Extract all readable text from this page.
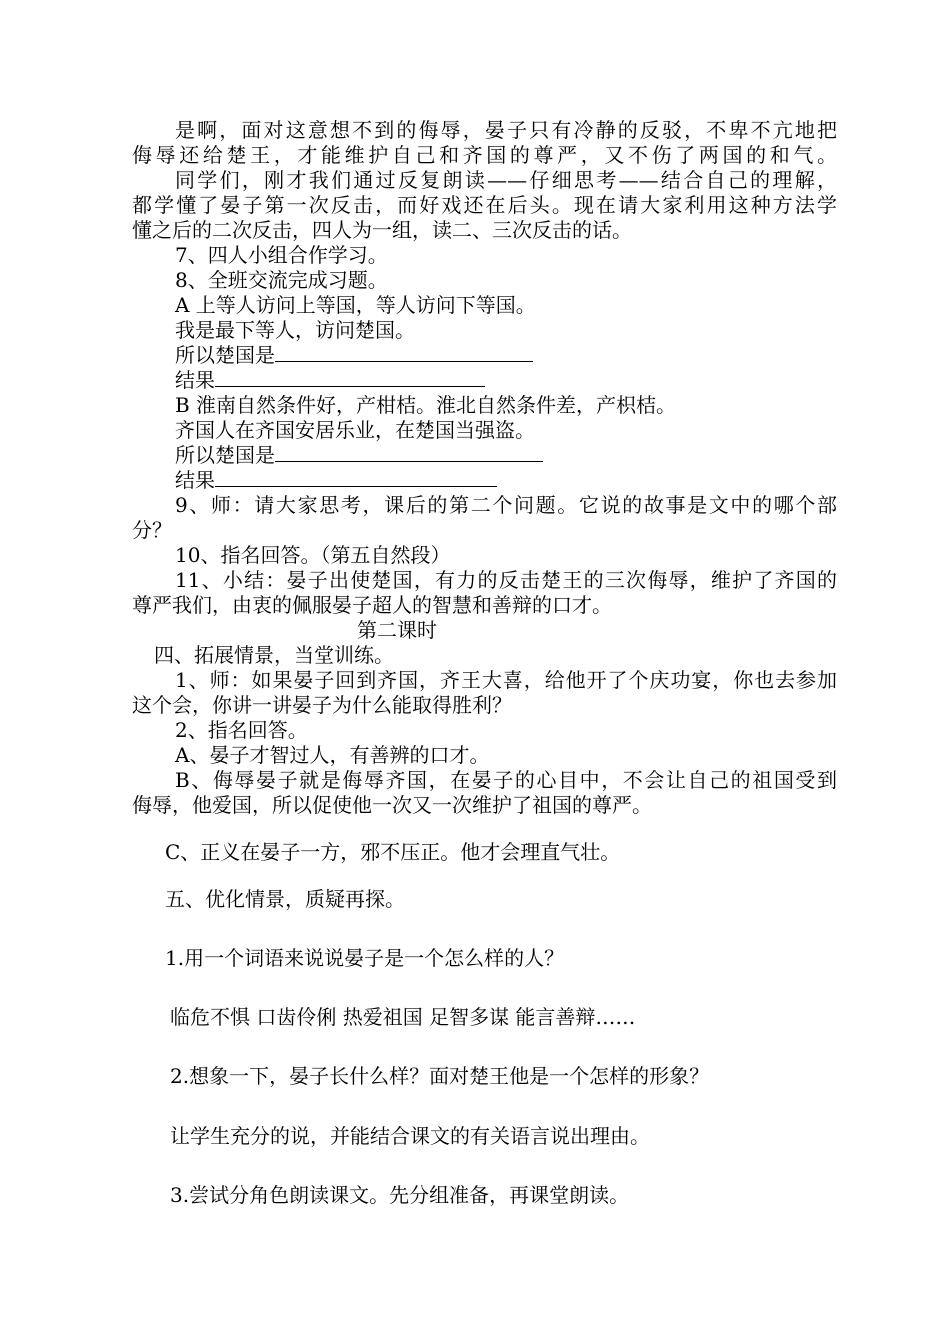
是啊，面对这意想不到的侮辱，晏子只有冷静的反驳，不卑不亢地把
侮辱还给楚王，才能维护自己和齐国的尊严，又不伤了两国的和气。
同学们，刚才我们通过反复朗读——仔细思考——结合自己的理解，
都学懂了晏子第一次反击，而好戏还在后头。现在请大家利用这种方法学
懂之后的二次反击，四人为一组，读二、三次反击的话。
7、四人小组合作学习。
8、全班交流完成习题。
A 上等人访问上等国，等人访问下等国。
我是最下等人，访问楚国。
所以楚国是
结果
B 淮南自然条件好，产柑桔。淮北自然条件差，产枳桔。
齐国人在齐国安居乐业，在楚国当强盗。
所以楚国是
结果
9、师：请大家思考，课后的第二个问题。它说的故事是文中的哪个部
分？
10、指名回答。（第五自然段）
11、小结：晏子出使楚国，有力的反击楚王的三次侮辱，维护了齐国的
尊严我们，由衷的佩服晏子超人的智慧和善辩的口才。
第二课时
四、拓展情景，当堂训练。
1、师：如果晏子回到齐国，齐王大喜，给他开了个庆功宴，你也去参加
这个会，你讲一讲晏子为什么能取得胜利？
2、指名回答。
A、晏子才智过人，有善辨的口才。
B、侮辱晏子就是侮辱齐国，在晏子的心目中，不会让自己的祖国受到
侮辱，他爱国，所以促使他一次又一次维护了祖国的尊严。
C、正义在晏子一方，邪不压正。他才会理直气壮。
五、优化情景，质疑再探。
1.用一个词语来说说晏子是一个怎么样的人？
临危不惧 口齿伶俐 热爱祖国 足智多谋 能言善辩……
2.想象一下，晏子长什么样？面对楚王他是一个怎样的形象？
让学生充分的说，并能结合课文的有关语言说出理由。
3.尝试分角色朗读课文。先分组准备，再课堂朗读。
